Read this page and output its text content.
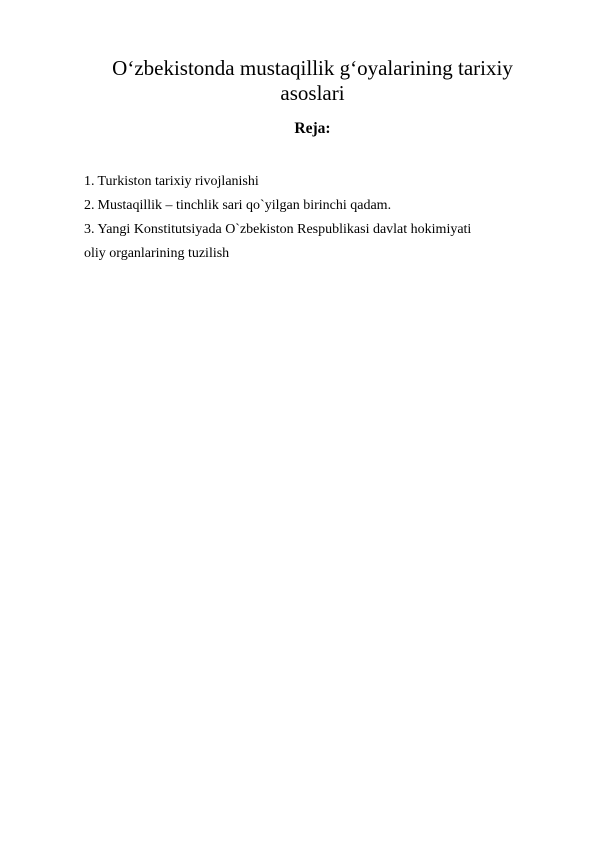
O‘zbekistonda mustaqillik g‘oyalarining tarixiy
asoslari
Reja:
1. Turkiston tarixiy rivojlanishi
2. Mustaqillik – tinchlik sari qo`yilgan birinchi qadam.
3. Yangi Konstitutsiyada O`zbekiston Respublikasi davlat hokimiyati
oliy organlarining tuzilish
